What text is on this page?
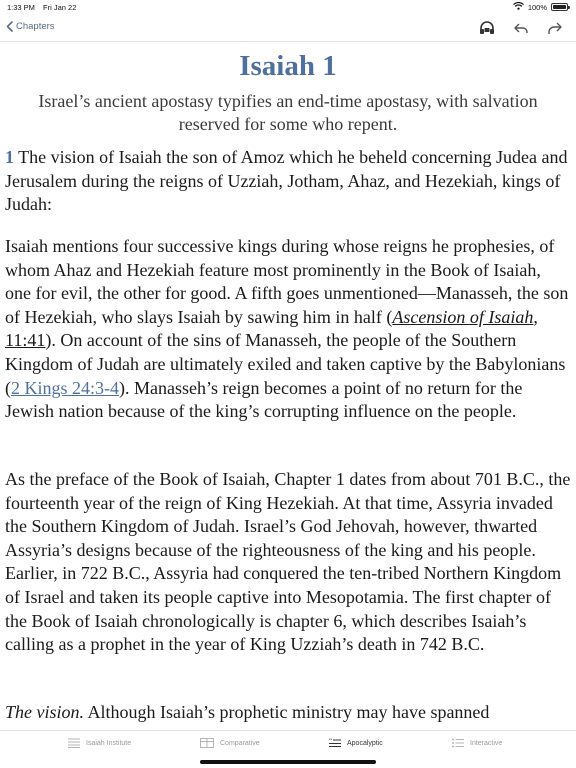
1:33 PM Fri Jan 22	100%
Chapters
Isaiah 1
Israel’s ancient apostasy typifies an end-time apostasy, with salvation reserved for some who repent.

1 The vision of Isaiah the son of Amoz which he beheld concerning Judea and Jerusalem during the reigns of Uzziah, Jotham, Ahaz, and Hezekiah, kings of Judah:

Isaiah mentions four successive kings during whose reigns he prophesies, of whom Ahaz and Hezekiah feature most prominently in the Book of Isaiah, one for evil, the other for good. A fifth goes unmentioned—Manasseh, the son of Hezekiah, who slays Isaiah by sawing him in half (Ascension of Isaiah, 11:41). On account of the sins of Manasseh, the people of the Southern Kingdom of Judah are ultimately exiled and taken captive by the Babylonians (2 Kings 24:3-4). Manasseh’s reign becomes a point of no return for the Jewish nation because of the king’s corrupting influence on the people.

As the preface of the Book of Isaiah, Chapter 1 dates from about 701 B.C., the fourteenth year of the reign of King Hezekiah. At that time, Assyria invaded the Southern Kingdom of Judah. Israel’s God Jehovah, however, thwarted Assyria’s designs because of the righteousness of the king and his people. Earlier, in 722 B.C., Assyria had conquered the ten-tribed Northern Kingdom of Israel and taken its people captive into Mesopotamia. The first chapter of the Book of Isaiah chronologically is chapter 6, which describes Isaiah’s calling as a prophet in the year of King Uzziah’s death in 742 B.C.

The vision. Although Isaiah’s prophetic ministry may have spanned

Isaiah Institute	Comparative	“ Apocalyptic	Interactive
